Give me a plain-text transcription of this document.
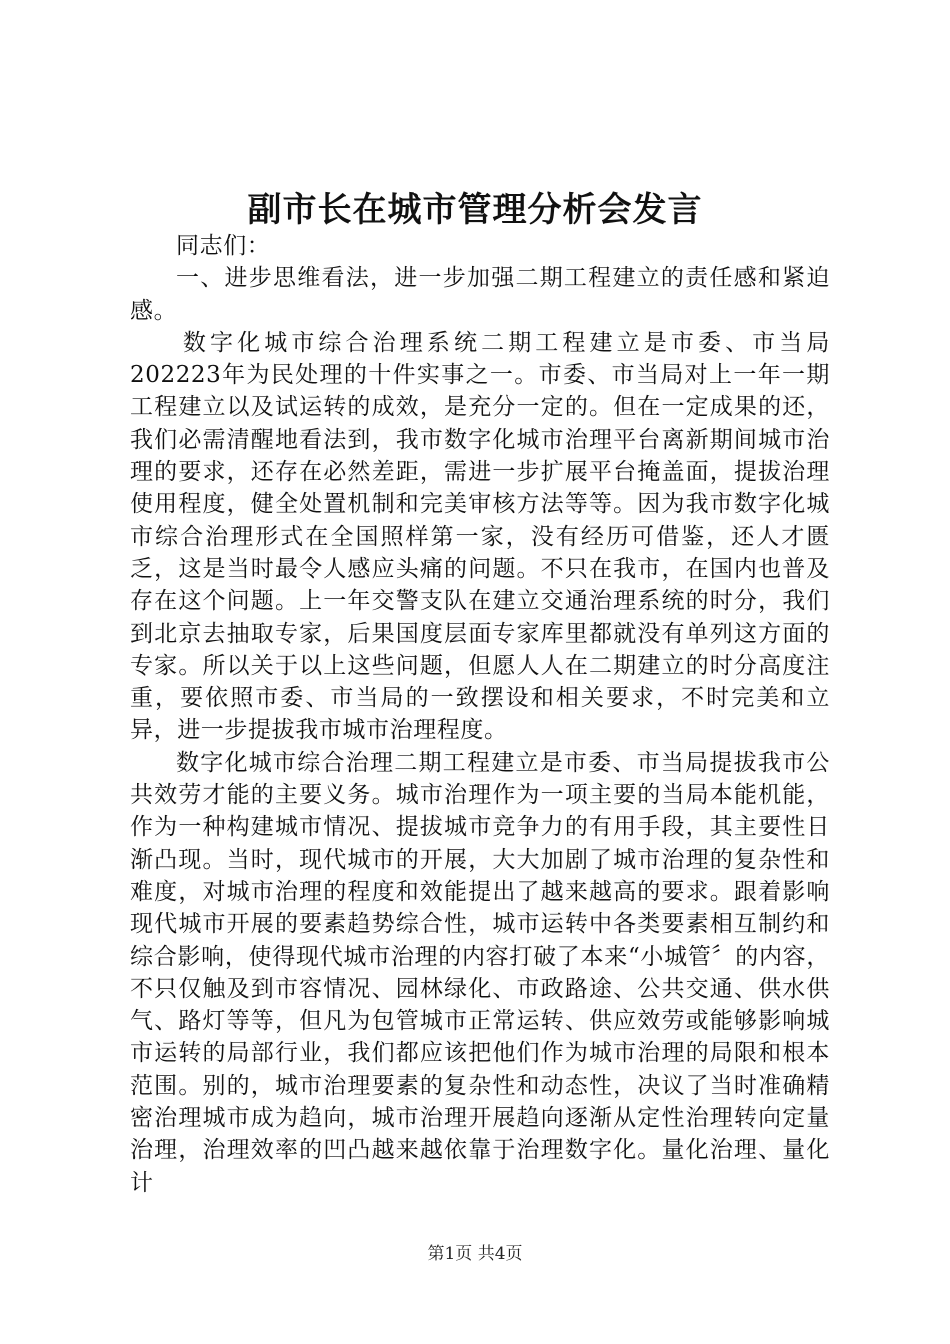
副市长在城市管理分析会发言

同志们：

一、进步思维看法，进一步加强二期工程建立的责任感和紧迫感。

数字化城市综合治理系统二期工程建立是市委、市当局202223年为民处理的十件实事之一。市委、市当局对上一年一期工程建立以及试运转的成效，是充分一定的。但在一定成果的还，我们必需清醒地看法到，我市数字化城市治理平台离新期间城市治理的要求，还存在必然差距，需进一步扩展平台掩盖面，提拔治理使用程度，健全处置机制和完美审核方法等等。因为我市数字化城市综合治理形式在全国照样第一家，没有经历可借鉴，还人才匮乏，这是当时最令人感应头痛的问题。不只在我市，在国内也普及存在这个问题。上一年交警支队在建立交通治理系统的时分，我们到北京去抽取专家，后果国度层面专家库里都就没有单列这方面的专家。所以关于以上这些问题，但愿人人在二期建立的时分高度注重，要依照市委、市当局的一致摆设和相关要求，不时完美和立异，进一步提拔我市城市治理程度。

数字化城市综合治理二期工程建立是市委、市当局提拔我市公共效劳才能的主要义务。城市治理作为一项主要的当局本能机能，作为一种构建城市情况、提拔城市竞争力的有用手段，其主要性日渐凸现。当时，现代城市的开展，大大加剧了城市治理的复杂性和难度，对城市治理的程度和效能提出了越来越高的要求。跟着影响现代城市开展的要素趋势综合性，城市运转中各类要素相互制约和综合影响，使得现代城市治理的内容打破了本来“小城管〞的内容，不只仅触及到市容情况、园林绿化、市政路途、公共交通、供水供气、路灯等等，但凡为包管城市正常运转、供应效劳或能够影响城市运转的局部行业，我们都应该把他们作为城市治理的局限和根本范围。别的，城市治理要素的复杂性和动态性，决议了当时准确精密治理城市成为趋向，城市治理开展趋向逐渐从定性治理转向定量治理，治理效率的凹凸越来越依靠于治理数字化。量化治理、量化计

第1页 共4页
